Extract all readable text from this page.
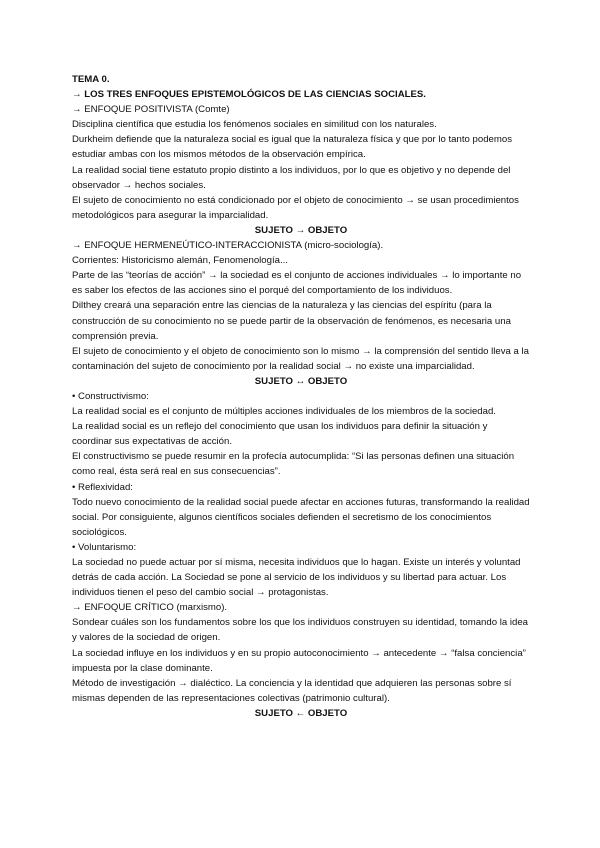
TEMA 0.

→ LOS TRES ENFOQUES EPISTEMOLÓGICOS DE LAS CIENCIAS SOCIALES.

→ ENFOQUE POSITIVISTA (Comte)

Disciplina científica que estudia los fenómenos sociales en similitud con los naturales.

Durkheim defiende que la naturaleza social es igual que la naturaleza física y que por lo tanto podemos estudiar ambas con los mismos métodos de la observación empírica.

La realidad social tiene estatuto propio distinto a los individuos, por lo que es objetivo y no depende del observador → hechos sociales.

El sujeto de conocimiento no está condicionado por el objeto de conocimiento → se usan procedimientos metodológicos para asegurar la imparcialidad.

SUJETO → OBJETO

→ ENFOQUE HERMENEÚTICO-INTERACCIONISTA (micro-sociología).

Corrientes: Historicismo alemán, Fenomenología...

Parte de las “teorías de acción” → la sociedad es el conjunto de acciones individuales → lo importante no es saber los efectos de las acciones sino el porqué del comportamiento de los individuos.

Dilthey creará una separación entre las ciencias de la naturaleza y las ciencias del espíritu (para la construcción de su conocimiento no se puede partir de la observación de fenómenos, es necesaria una comprensión previa.

El sujeto de conocimiento y el objeto de conocimiento son lo mismo → la comprensión del sentido lleva a la contaminación del sujeto de conocimiento por la realidad social → no existe una imparcialidad.

SUJETO ↔ OBJETO

• Constructivismo:

La realidad social es el conjunto de múltiples acciones individuales de los miembros de la sociedad.

La realidad social es un reflejo del conocimiento que usan los individuos para definir la situación y coordinar sus expectativas de acción.

El constructivismo se puede resumir en la profecía autocumplida: “Si las personas definen una situación como real, ésta será real en sus consecuencias”.

• Reflexividad:

Todo nuevo conocimiento de la realidad social puede afectar en acciones futuras, transformando la realidad social. Por consiguiente, algunos científicos sociales defienden el secretismo de los conocimientos sociológicos.

• Voluntarismo:

La sociedad no puede actuar por sí misma, necesita individuos que lo hagan. Existe un interés y voluntad detrás de cada acción. La Sociedad se pone al servicio de los individuos y su libertad para actuar. Los individuos tienen el peso del cambio social → protagonistas.

→ ENFOQUE CRÍTICO (marxismo).

Sondear cuáles son los fundamentos sobre los que los individuos construyen su identidad, tomando la idea y valores de la sociedad de origen.

La sociedad influye en los individuos y en su propio autoconocimiento → antecedente → “falsa conciencia” impuesta por la clase dominante.

Método de investigación → dialéctico. La conciencia y la identidad que adquieren las personas sobre sí mismas dependen de las representaciones colectivas (patrimonio cultural).

SUJETO ← OBJETO
